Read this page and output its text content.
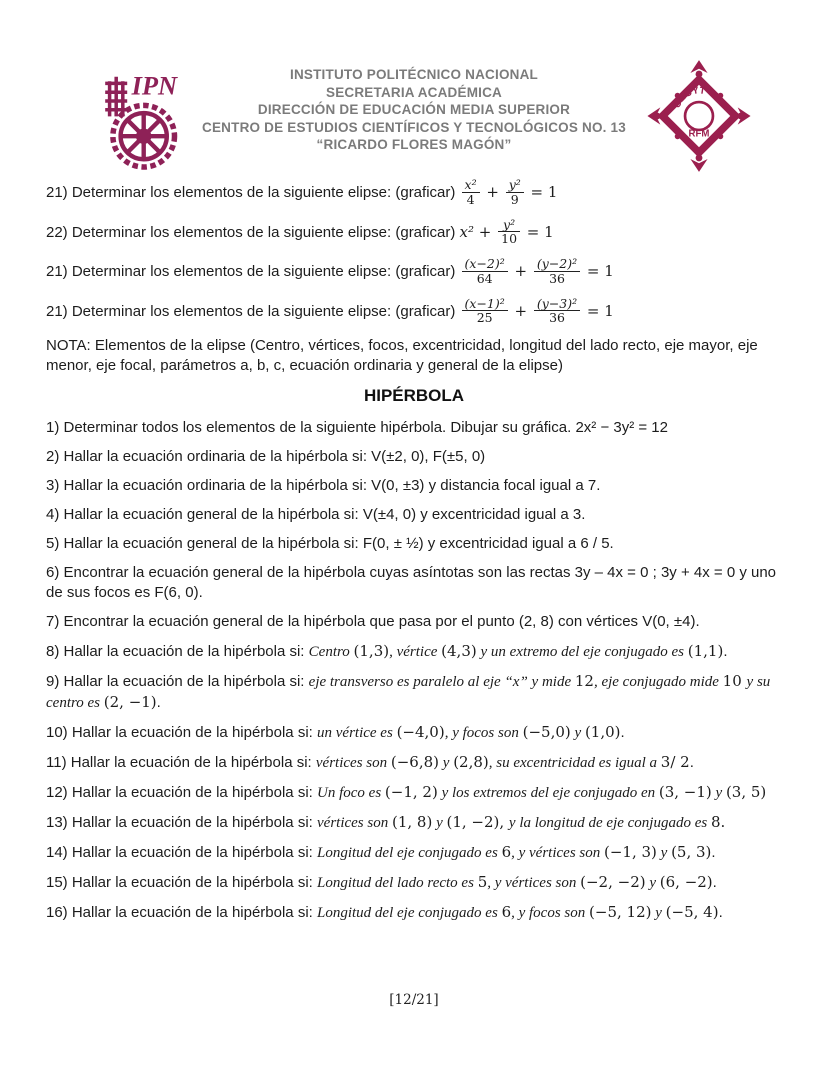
IPN	INSTITUTO POLITÉCNICO NACIONAL
SECRETARIA ACADÉMICA
DIRECCIÓN DE EDUCACIÓN MEDIA SUPERIOR
CENTRO DE ESTUDIOS CIENTÍFICOS Y TECNOLÓGICOS NO. 13
“RICARDO FLORES MAGÓN”
CECYT
RFM

21) Determinar los elementos de la siguiente elipse: (graficar) $\frac{\text{x²}}{4} + \frac{\text{y²}}{9} = 1$

22) Determinar los elementos de la siguiente elipse: (graficar) $x^2 + \frac{\text{y²}}{10} = 1$

21) Determinar los elementos de la siguiente elipse: (graficar) $\frac{\text{(x−2)²}}{64} + \frac{\text{(y−2)²}}{36} = 1$

21) Determinar los elementos de la siguiente elipse: (graficar) $\frac{\text{(x−1)²}}{25} + \frac{\text{(y−3)²}}{36} = 1$

NOTA: Elementos de la elipse (Centro, vértices, focos, excentricidad, longitud del lado recto, eje mayor, eje menor, eje focal, parámetros a, b, c, ecuación ordinaria y general de la elipse)

HIPÉRBOLA

1) Determinar todos los elementos de la siguiente hipérbola. Dibujar su gráfica. 2x² − 3y² = 12

2) Hallar la ecuación ordinaria de la hipérbola si: V(±2, 0), F(±5, 0)

3) Hallar la ecuación ordinaria de la hipérbola si: V(0, ±3) y distancia focal igual a 7.

4) Hallar la ecuación general de la hipérbola si: V(±4, 0) y excentricidad igual a 3.

5) Hallar la ecuación general de la hipérbola si: F(0, ± ½) y excentricidad igual a 6 / 5.

6) Encontrar la ecuación general de la hipérbola cuyas asíntotas son las rectas 3y – 4x = 0 ; 3y + 4x = 0 y uno de sus focos es F(6, 0).

7) Encontrar la ecuación general de la hipérbola que pasa por el punto (2, 8) con vértices V(0, ±4).

8) Hallar la ecuación de la hipérbola si: Centro (1,3), vértice (4,3) y un extremo del eje conjugado es (1,1).

9) Hallar la ecuación de la hipérbola si: eje transverso es paralelo al eje “x” y mide 12, eje conjugado mide 10 y su centro es (2, −1).

10) Hallar la ecuación de la hipérbola si: un vértice es (−4,0), y focos son (−5,0) y (1,0).

11) Hallar la ecuación de la hipérbola si: vértices son (−6,8) y (2,8), su excentricidad es igual a 3/ 2.

12) Hallar la ecuación de la hipérbola si: Un foco es (−1, 2) y los extremos del eje conjugado en (3, −1) y (3, 5)

13) Hallar la ecuación de la hipérbola si: vértices son (1, 8) y (1, −2), y la longitud de eje conjugado es 8.

14) Hallar la ecuación de la hipérbola si: Longitud del eje conjugado es 6, y vértices son (−1, 3) y (5, 3).

15) Hallar la ecuación de la hipérbola si: Longitud del lado recto es 5, y vértices son (−2, −2) y (6, −2).

16) Hallar la ecuación de la hipérbola si: Longitud del eje conjugado es 6, y focos son (−5, 12) y (−5, 4).

[12/21]
